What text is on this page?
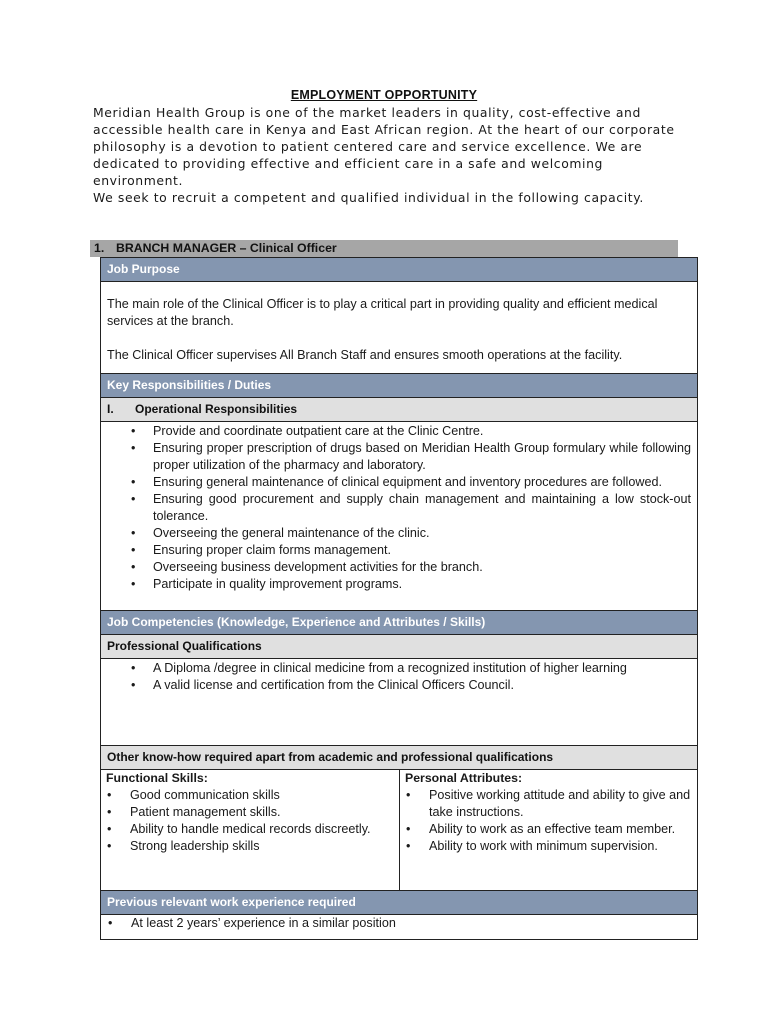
EMPLOYMENT OPPORTUNITY

Meridian Health Group is one of the market leaders in quality, cost-effective and accessible health care in Kenya and East African region. At the heart of our corporate philosophy is a devotion to patient centered care and service excellence. We are dedicated to providing effective and efficient care in a safe and welcoming environment.

We seek to recruit a competent and qualified individual in the following capacity.

1. BRANCH MANAGER – Clinical Officer
Job Purpose

The main role of the Clinical Officer is to play a critical part in providing quality and efficient medical services at the branch.

The Clinical Officer supervises All Branch Staff and ensures smooth operations at the facility.

Key Responsibilities / Duties
I. Operational Responsibilities
• Provide and coordinate outpatient care at the Clinic Centre.
• Ensuring proper prescription of drugs based on Meridian Health Group formulary while following proper utilization of the pharmacy and laboratory.
• Ensuring general maintenance of clinical equipment and inventory procedures are followed.
• Ensuring good procurement and supply chain management and maintaining a low stock-out tolerance.
• Overseeing the general maintenance of the clinic.
• Ensuring proper claim forms management.
• Overseeing business development activities for the branch.
• Participate in quality improvement programs.
Job Competencies (Knowledge, Experience and Attributes / Skills)
Professional Qualifications
• A Diploma /degree in clinical medicine from a recognized institution of higher learning
• A valid license and certification from the Clinical Officers Council.
Other know-how required apart from academic and professional qualifications
Functional Skills:
• Good communication skills
• Patient management skills.
• Ability to handle medical records discreetly.
• Strong leadership skills
Personal Attributes:
• Positive working attitude and ability to give and take instructions.
• Ability to work as an effective team member.
• Ability to work with minimum supervision.
Previous relevant work experience required
• At least 2 years’ experience in a similar position
